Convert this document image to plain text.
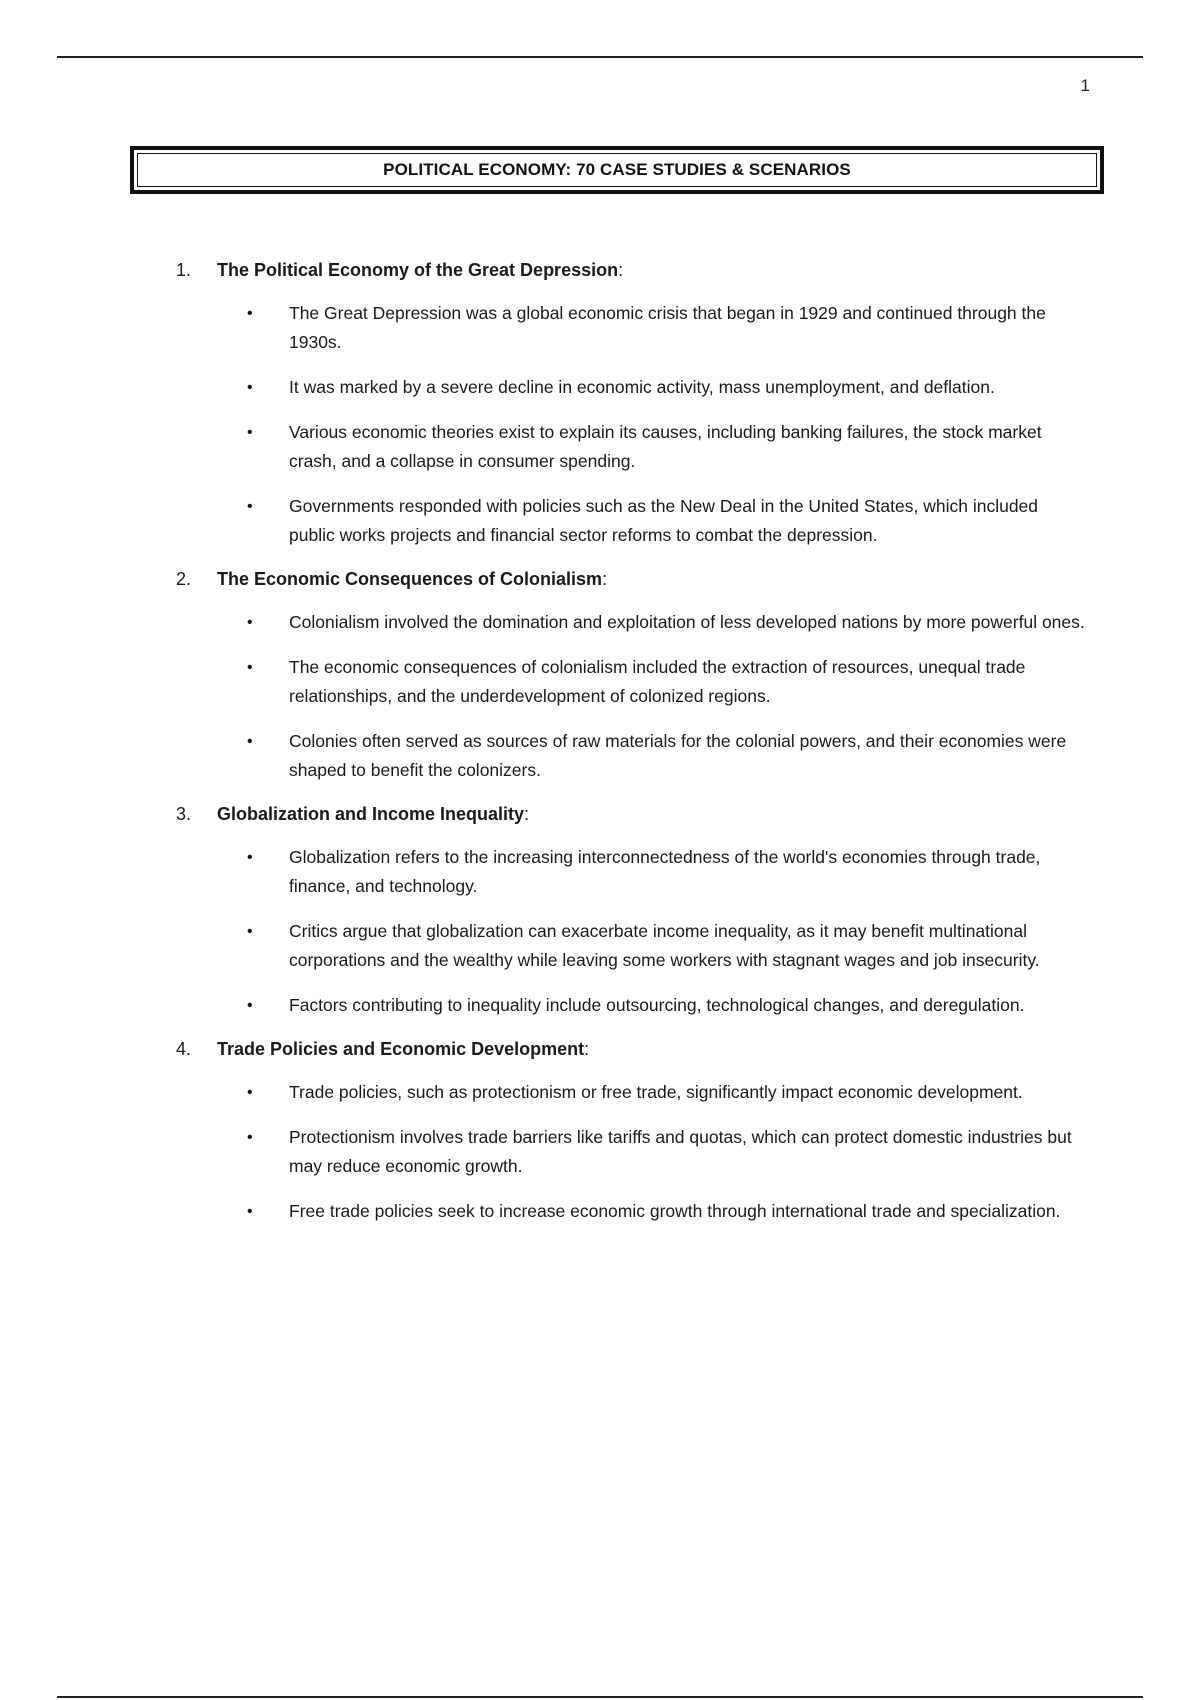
1
POLITICAL ECONOMY: 70 CASE STUDIES & SCENARIOS
1.	The Political Economy of the Great Depression:
•	The Great Depression was a global economic crisis that began in 1929 and continued through the 1930s.
•	It was marked by a severe decline in economic activity, mass unemployment, and deflation.
•	Various economic theories exist to explain its causes, including banking failures, the stock market crash, and a collapse in consumer spending.
•	Governments responded with policies such as the New Deal in the United States, which included public works projects and financial sector reforms to combat the depression.
2.	The Economic Consequences of Colonialism:
•	Colonialism involved the domination and exploitation of less developed nations by more powerful ones.
•	The economic consequences of colonialism included the extraction of resources, unequal trade relationships, and the underdevelopment of colonized regions.
•	Colonies often served as sources of raw materials for the colonial powers, and their economies were shaped to benefit the colonizers.
3.	Globalization and Income Inequality:
•	Globalization refers to the increasing interconnectedness of the world's economies through trade, finance, and technology.
•	Critics argue that globalization can exacerbate income inequality, as it may benefit multinational corporations and the wealthy while leaving some workers with stagnant wages and job insecurity.
•	Factors contributing to inequality include outsourcing, technological changes, and deregulation.
4.	Trade Policies and Economic Development:
•	Trade policies, such as protectionism or free trade, significantly impact economic development.
•	Protectionism involves trade barriers like tariffs and quotas, which can protect domestic industries but may reduce economic growth.
•	Free trade policies seek to increase economic growth through international trade and specialization.
